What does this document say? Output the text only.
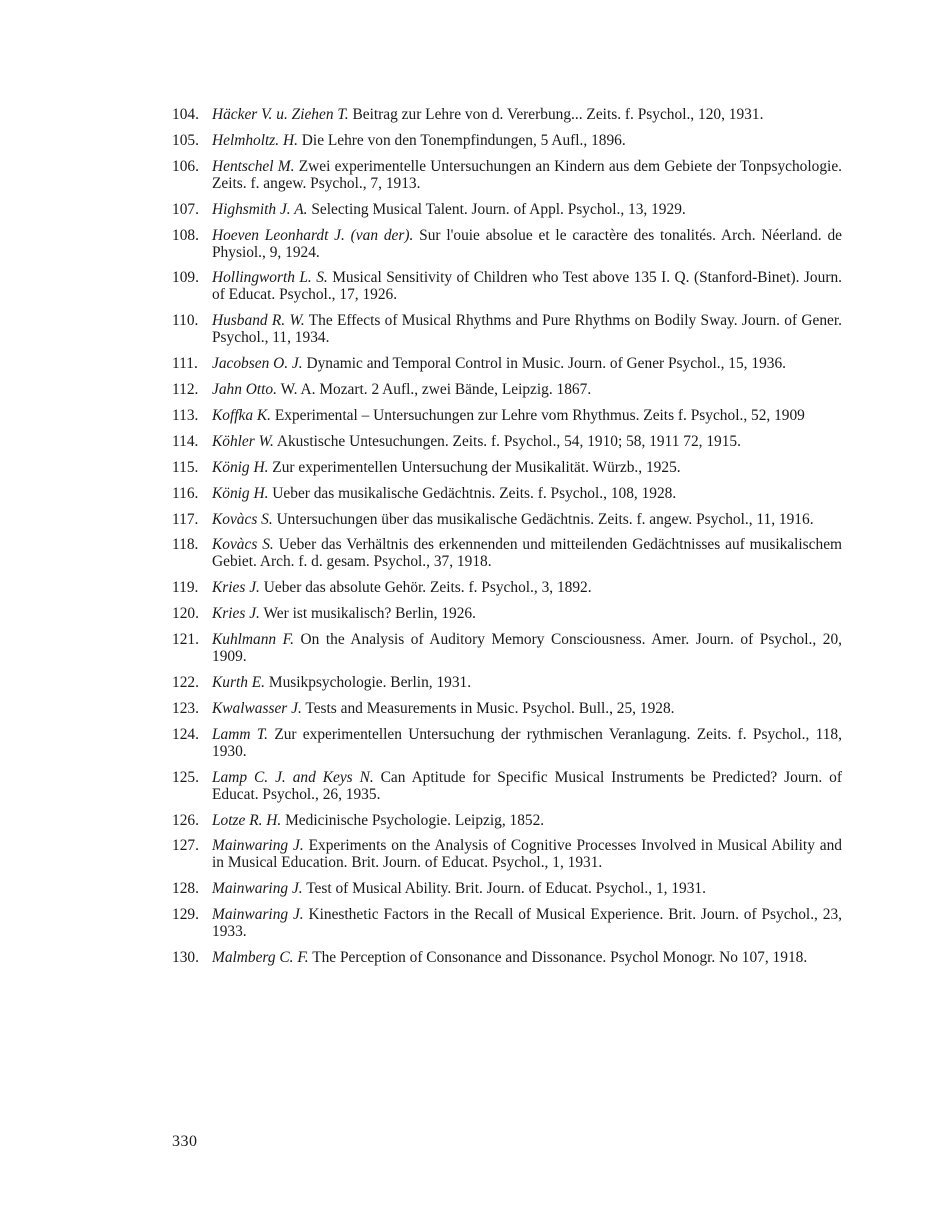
104. Häcker V. u. Ziehen T. Beitrag zur Lehre von d. Vererbung... Zeits. f. Psychol., 120, 1931.
105. Helmholtz. H. Die Lehre von den Tonempfindungen, 5 Aufl., 1896.
106. Hentschel M. Zwei experimentelle Untersuchungen an Kindern aus dem Gebiete der Tonpsychologie. Zeits. f. angew. Psychol., 7, 1913.
107. Highsmith J. A. Selecting Musical Talent. Journ. of Appl. Psychol., 13, 1929.
108. Hoeven Leonhardt J. (van der). Sur l'ouie absolue et le caractère des tonalités. Arch. Néerland. de Physiol., 9, 1924.
109. Hollingworth L. S. Musical Sensitivity of Children who Test above 135 I. Q. (Stanford-Binet). Journ. of Educat. Psychol., 17, 1926.
110. Husband R. W. The Effects of Musical Rhythms and Pure Rhythms on Bodily Sway. Journ. of Gener. Psychol., 11, 1934.
111. Jacobsen O. J. Dynamic and Temporal Control in Music. Journ. of Gener Psychol., 15, 1936.
112. Jahn Otto. W. A. Mozart. 2 Aufl., zwei Bände, Leipzig. 1867.
113. Koffka K. Experimental – Untersuchungen zur Lehre vom Rhythmus. Zeits f. Psychol., 52, 1909
114. Köhler W. Akustische Untesuchungen. Zeits. f. Psychol., 54, 1910; 58, 1911 72, 1915.
115. König H. Zur experimentellen Untersuchung der Musikalität. Würzb., 1925.
116. König H. Ueber das musikalische Gedächtnis. Zeits. f. Psychol., 108, 1928.
117. Kovàcs S. Untersuchungen über das musikalische Gedächtnis. Zeits. f. angew. Psychol., 11, 1916.
118. Kovàcs S. Ueber das Verhältnis des erkennenden und mitteilenden Gedächtnisses auf musikalischem Gebiet. Arch. f. d. gesam. Psychol., 37, 1918.
119. Kries J. Ueber das absolute Gehör. Zeits. f. Psychol., 3, 1892.
120. Kries J. Wer ist musikalisch? Berlin, 1926.
121. Kuhlmann F. On the Analysis of Auditory Memory Consciousness. Amer. Journ. of Psychol., 20, 1909.
122. Kurth E. Musikpsychologie. Berlin, 1931.
123. Kwalwasser J. Tests and Measurements in Music. Psychol. Bull., 25, 1928.
124. Lamm T. Zur experimentellen Untersuchung der rythmischen Veranlagung. Zeits. f. Psychol., 118, 1930.
125. Lamp C. J. and Keys N. Can Aptitude for Specific Musical Instruments be Predicted? Journ. of Educat. Psychol., 26, 1935.
126. Lotze R. H. Medicinische Psychologie. Leipzig, 1852.
127. Mainwaring J. Experiments on the Analysis of Cognitive Processes Involved in Musical Ability and in Musical Education. Brit. Journ. of Educat. Psychol., 1, 1931.
128. Mainwaring J. Test of Musical Ability. Brit. Journ. of Educat. Psychol., 1, 1931.
129. Mainwaring J. Kinesthetic Factors in the Recall of Musical Experience. Brit. Journ. of Psychol., 23, 1933.
130. Malmberg C. F. The Perception of Consonance and Dissonance. Psychol Monogr. No 107, 1918.
330
